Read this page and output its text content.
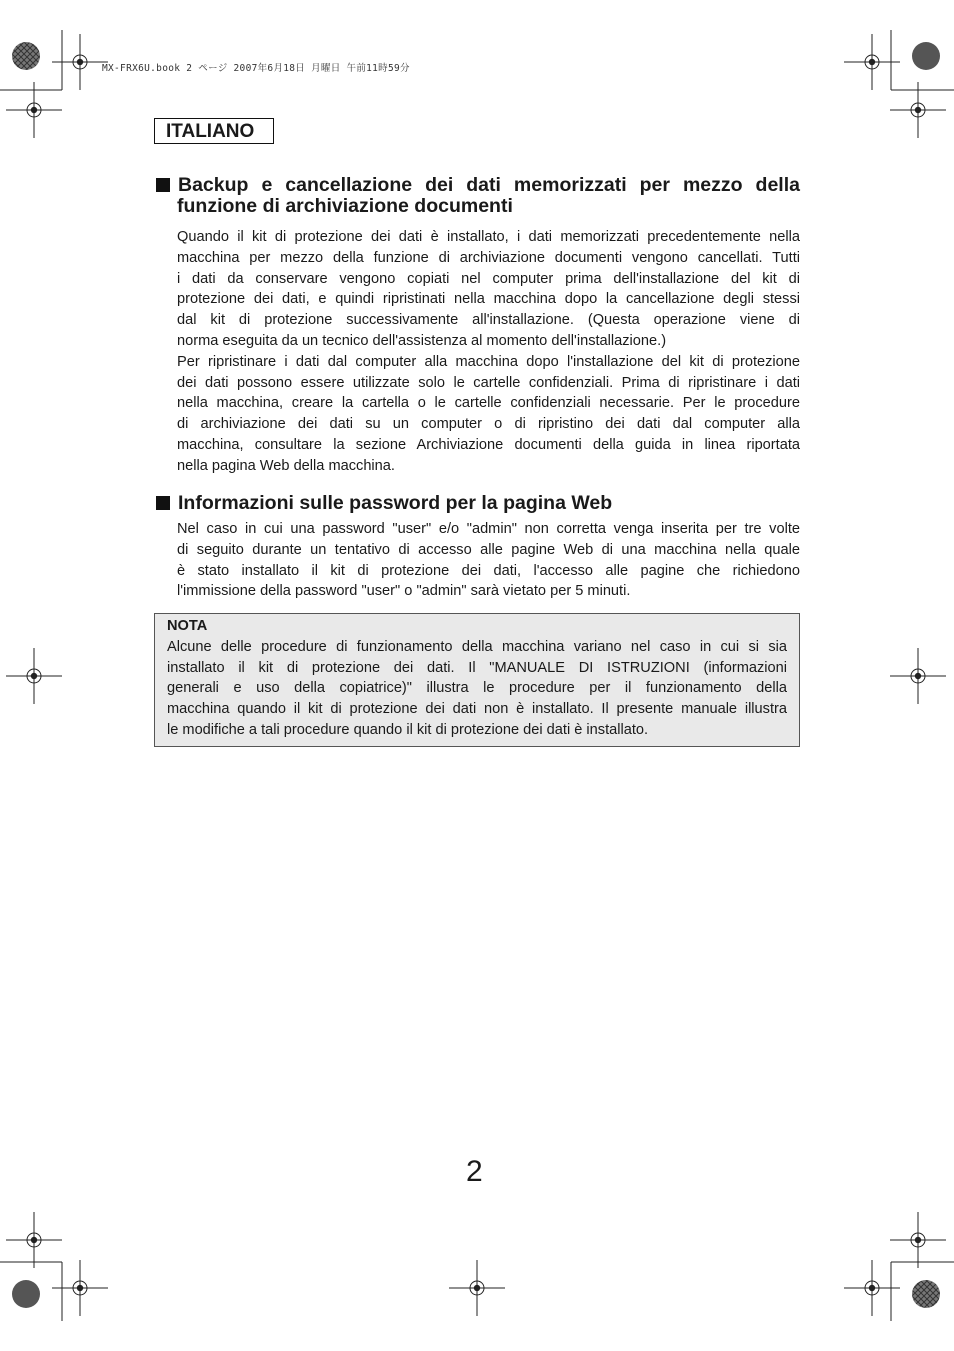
MX-FRX6U.book 2 ページ 2007年6月18日 月曜日 午前11時59分
ITALIANO
Backup e cancellazione dei dati memorizzati per mezzo della
funzione di archiviazione documenti
Quando il kit di protezione dei dati è installato, i dati memorizzati precedentemente nella
macchina per mezzo della funzione di archiviazione documenti vengono cancellati. Tutti
i dati da conservare vengono copiati nel computer prima dell'installazione del kit di
protezione dei dati, e quindi ripristinati nella macchina dopo la cancellazione degli stessi
dal kit di protezione successivamente all'installazione. (Questa operazione viene di
norma eseguita da un tecnico dell'assistenza al momento dell'installazione.)
Per ripristinare i dati dal computer alla macchina dopo l'installazione del kit di protezione
dei dati possono essere utilizzate solo le cartelle confidenziali. Prima di ripristinare i dati
nella macchina, creare la cartella o le cartelle confidenziali necessarie. Per le procedure
di archiviazione dei dati su un computer o di ripristino dei dati dal computer alla
macchina, consultare la sezione Archiviazione documenti della guida in linea riportata
nella pagina Web della macchina.
Informazioni sulle password per la pagina Web
Nel caso in cui una password "user" e/o "admin" non corretta venga inserita per tre volte
di seguito durante un tentativo di accesso alle pagine Web di una macchina nella quale
è stato installato il kit di protezione dei dati, l'accesso alle pagine che richiedono
l'immissione della password "user" o "admin" sarà vietato per 5 minuti.
NOTA
Alcune delle procedure di funzionamento della macchina variano nel caso in cui si sia
installato il kit di protezione dei dati. Il "MANUALE DI ISTRUZIONI (informazioni
generali e uso della copiatrice)" illustra le procedure per il funzionamento della
macchina quando il kit di protezione dei dati non è installato. Il presente manuale illustra
le modifiche a tali procedure quando il kit di protezione dei dati è installato.
2
